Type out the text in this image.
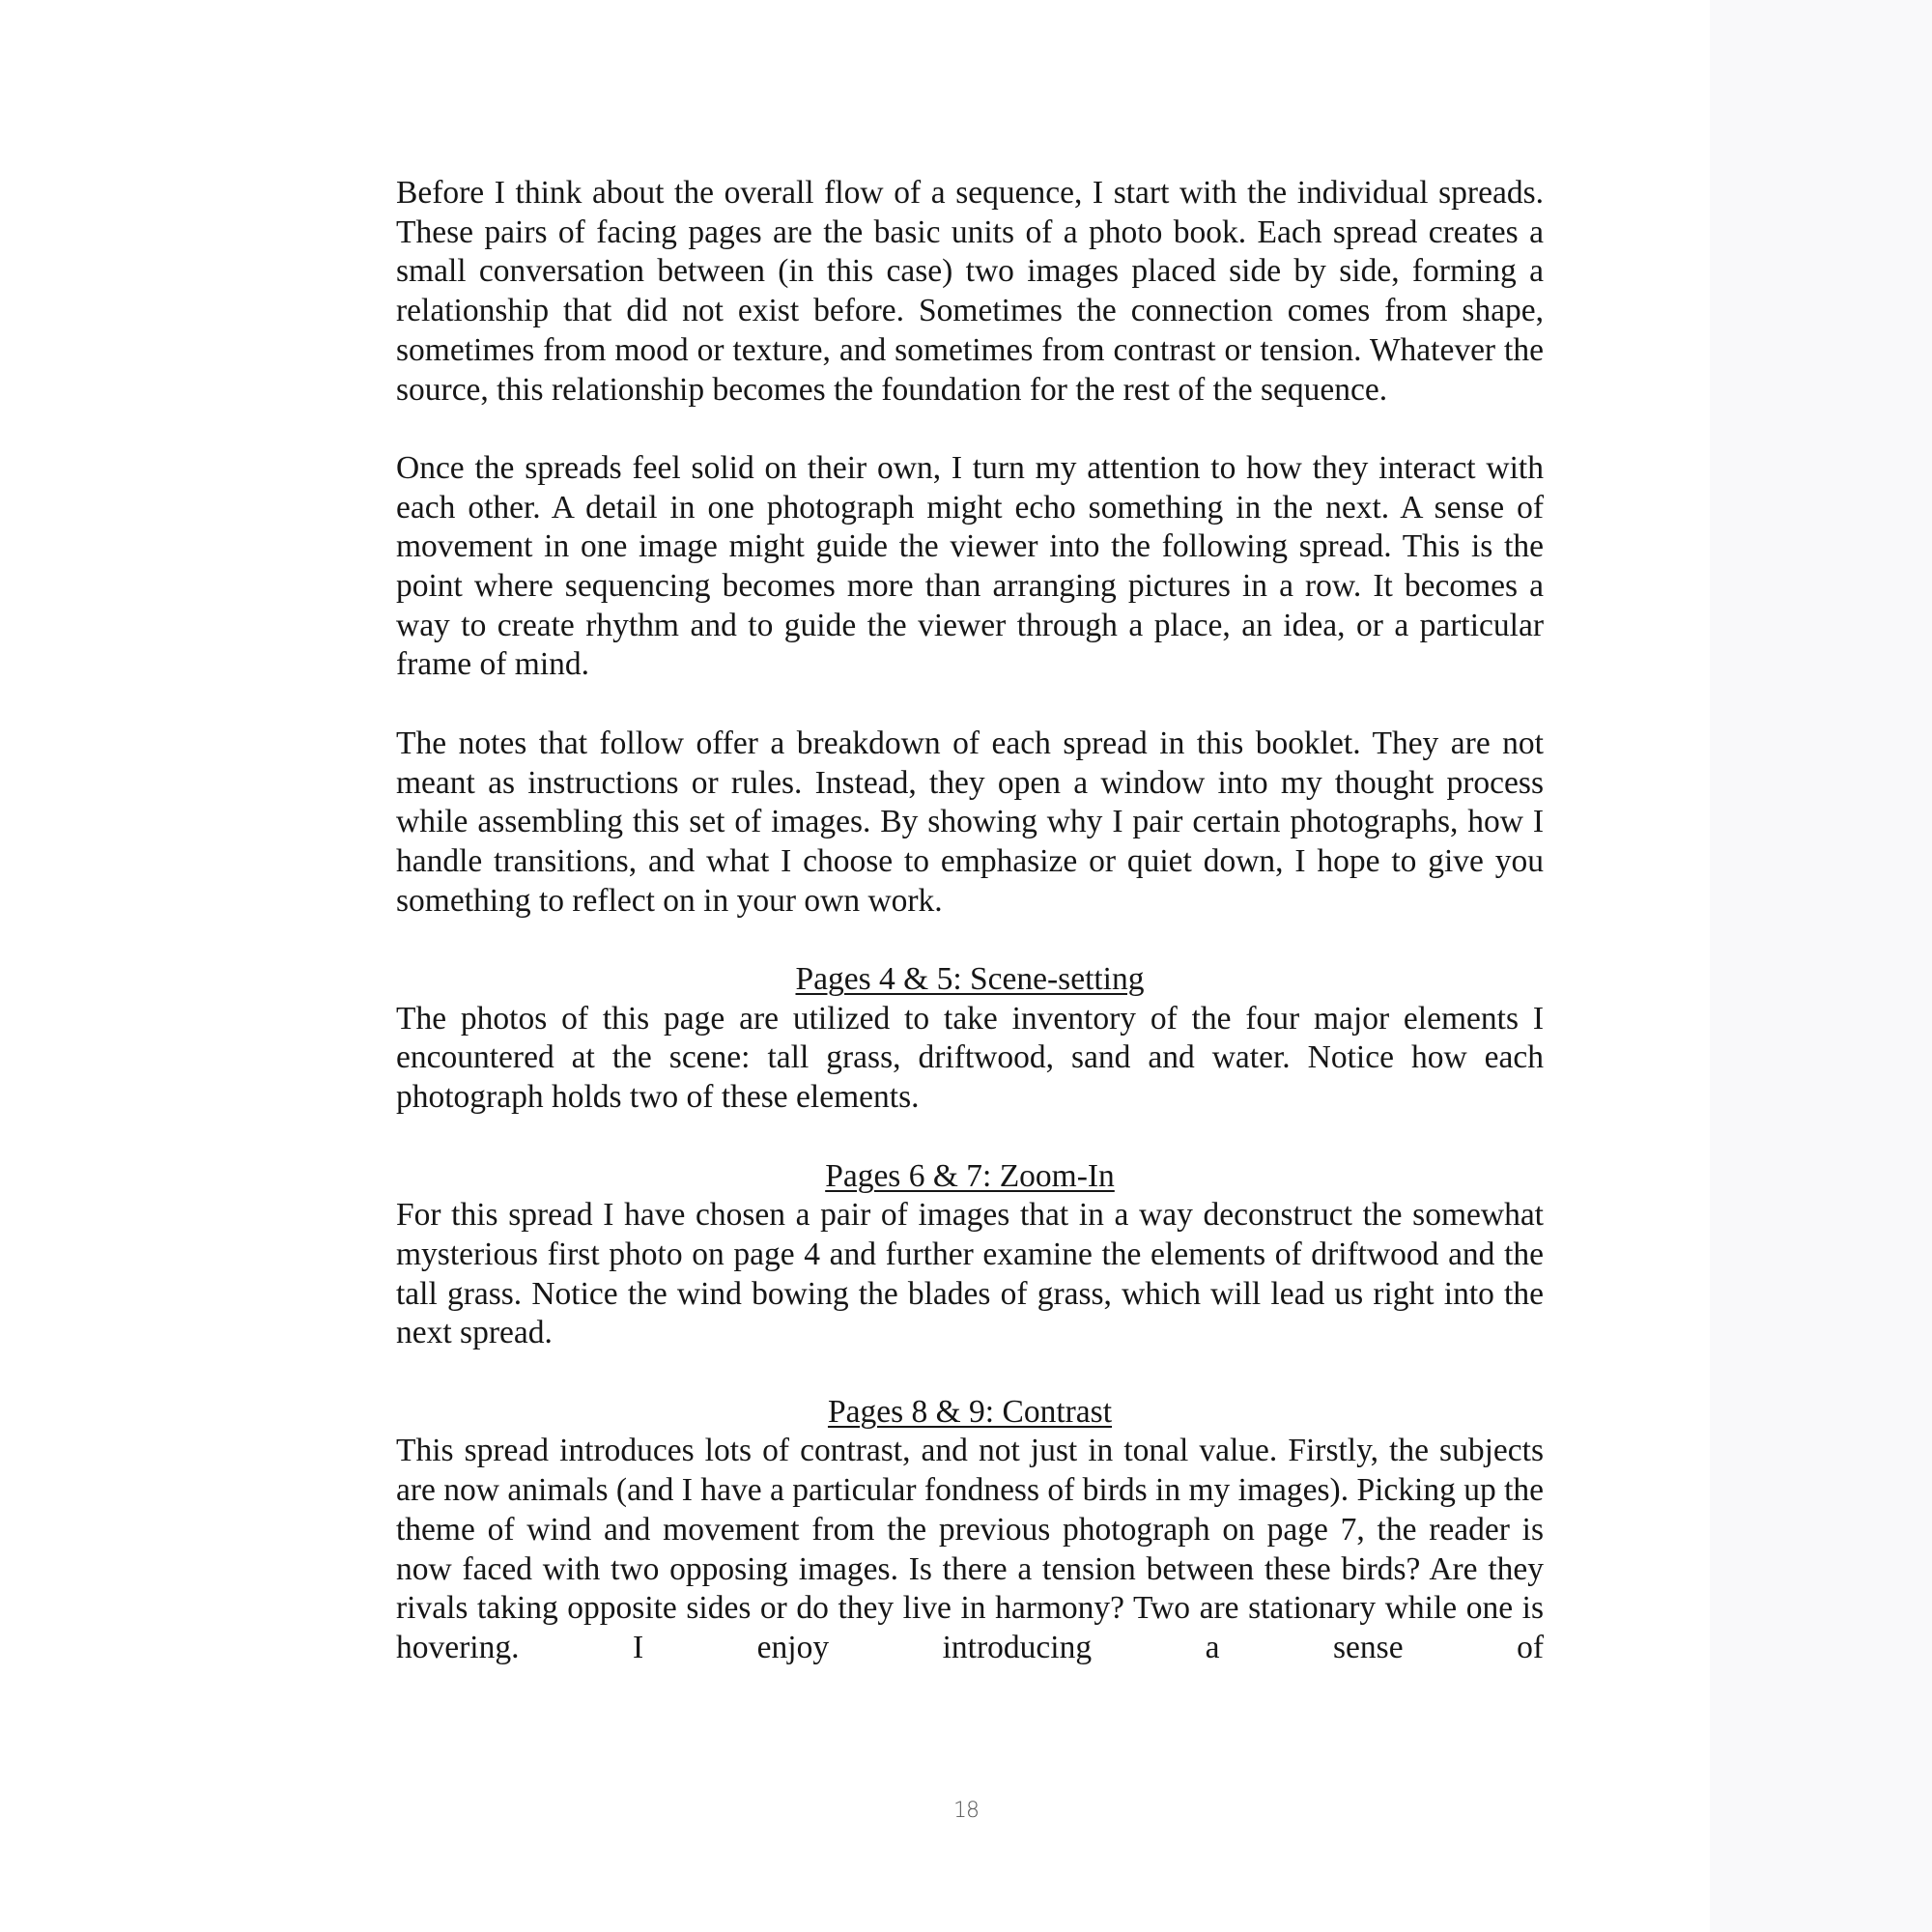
Before I think about the overall flow of a sequence, I start with the individual spreads. These pairs of facing pages are the basic units of a photo book. Each spread creates a small conversation between (in this case) two images placed side by side, forming a relationship that did not exist before. Sometimes the connection comes from shape, sometimes from mood or texture, and sometimes from contrast or tension. Whatever the source, this relationship becomes the foundation for the rest of the sequence.

Once the spreads feel solid on their own, I turn my attention to how they interact with each other. A detail in one photograph might echo something in the next. A sense of movement in one image might guide the viewer into the following spread. This is the point where sequencing becomes more than arranging pictures in a row. It becomes a way to create rhythm and to guide the viewer through a place, an idea, or a particular frame of mind.

The notes that follow offer a breakdown of each spread in this booklet. They are not meant as instructions or rules. Instead, they open a window into my thought process while assembling this set of images. By showing why I pair certain photographs, how I handle transitions, and what I choose to emphasize or quiet down, I hope to give you something to reflect on in your own work.

Pages 4 & 5: Scene-setting

The photos of this page are utilized to take inventory of the four major elements I encountered at the scene: tall grass, driftwood, sand and water. Notice how each photograph holds two of these elements.

Pages 6 & 7: Zoom-In

For this spread I have chosen a pair of images that in a way deconstruct the somewhat mysterious first photo on page 4 and further examine the elements of driftwood and the tall grass. Notice the wind bowing the blades of grass, which will lead us right into the next spread.

Pages 8 & 9: Contrast

This spread introduces lots of contrast, and not just in tonal value. Firstly, the subjects are now animals (and I have a particular fondness of birds in my images). Picking up the theme of wind and movement from the previous photograph on page 7, the reader is now faced with two opposing images. Is there a tension between these birds? Are they rivals taking opposite sides or do they live in harmony? Two are stationary while one is hovering. I enjoy introducing a sense of

18
